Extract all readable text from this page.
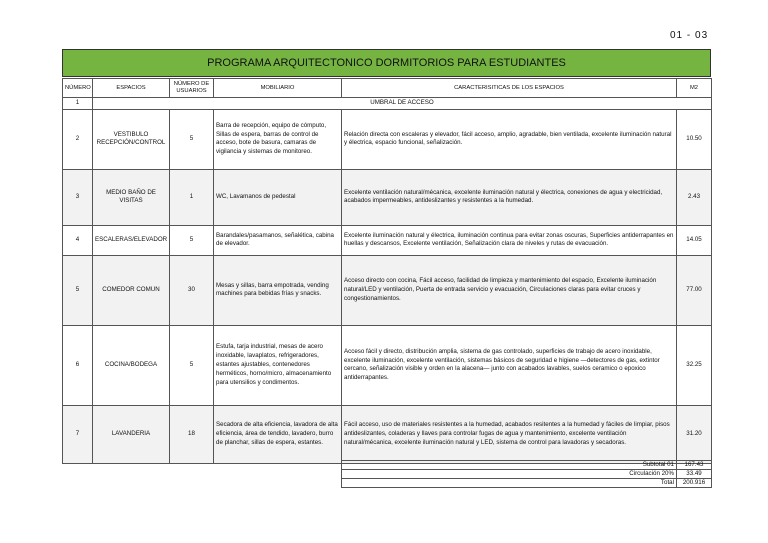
01 - 03
PROGRAMA ARQUITECTONICO DORMITORIOS PARA ESTUDIANTES
NÚMERO	ESPACIOS	NÚMERO DE USUARIOS	MOBILIARIO	CARACTERISITICAS DE LOS ESPACIOS	M2
1	UMBRAL DE ACCESO				
2	VESTIBULO RECEPCIÓN/CONTROL	5	Barra de recepción, equipo de cómputo, Sillas de espera, barras de control de acceso, bote de basura, camaras de vigilancia y sistemas de monitoreo.	Relación directa con escaleras y elevador, fácil acceso, amplio, agradable, bien ventilada, excelente iluminación natural y électrica, espacio funcional, señalización.	10.50
3	MEDIO BAÑO DE VISITAS	1	WC, Lavamanos de pedestal	Excelente ventilación natural/mécanica, excelente iluminación natural y électrica, conexiones de agua y electricidad, acabados impermeables, antideslizantes y resistentes a la humedad.	2.43
4	ESCALERAS/ELEVADOR	5	Barandales/pasamanos, señalética, cabina de elevador.	Excelente iluminación natural y électrica, iluminación continua para evitar zonas oscuras, Superficies antiderrapantes en huellas y descansos, Excelente ventilación, Señalización clara de niveles y rutas de evacuación.	14.05
5	COMEDOR COMUN	30	Mesas y sillas, barra empotrada, vending machines para bebidas frías y snacks.	Acceso directo con cocina, Fácil acceso, facilidad de limpieza y mantenimiento del espacio, Excelente iluminación natural/LED y ventilación, Puerta de entrada servicio y evacuación, Circulaciones claras para evitar cruces y congestionamientos.	77.00
6	COCINA/BODEGA	5	Estufa, tarja industrial, mesas de acero inoxidable, lavaplatos, refrigeradores, estantes ajustables, contenedores herméticos, horno/micro, almacenamiento para utensilios y condimentos.	Acceso fácil y directo, distribución amplia, sistema de gas controlado, superficies de trabajo de acero inoxidable, excelente iluminación, excelente ventilación, sistemas básicos de seguridad e higiene —detectores de gas, extintor cercano, señalización visible y orden en la alacena— junto con acabados lavables, suelos ceramico o epoxico antiderrapantes.	32.25
7	LAVANDERIA	18	Secadora de alta eficiencia, lavadora de alta eficiencia, área de tendido, lavadero, burro de planchar, sillas de espera, estantes.	Fácil acceso, uso de materiales resistentes a la humedad, acabados resitentes a la humedad y fáciles de limpiar, pisos antideslizantes, coladeras y llaves para controlar fugas de agua y mantenimiento, excelente ventilación natural/mécanica, excelente iluminación natural y LED, sistema de control para lavadoras y secadoras.	31.20
Subtotal 01	167.43
Circulación 20%	33.49
Total	200.916
